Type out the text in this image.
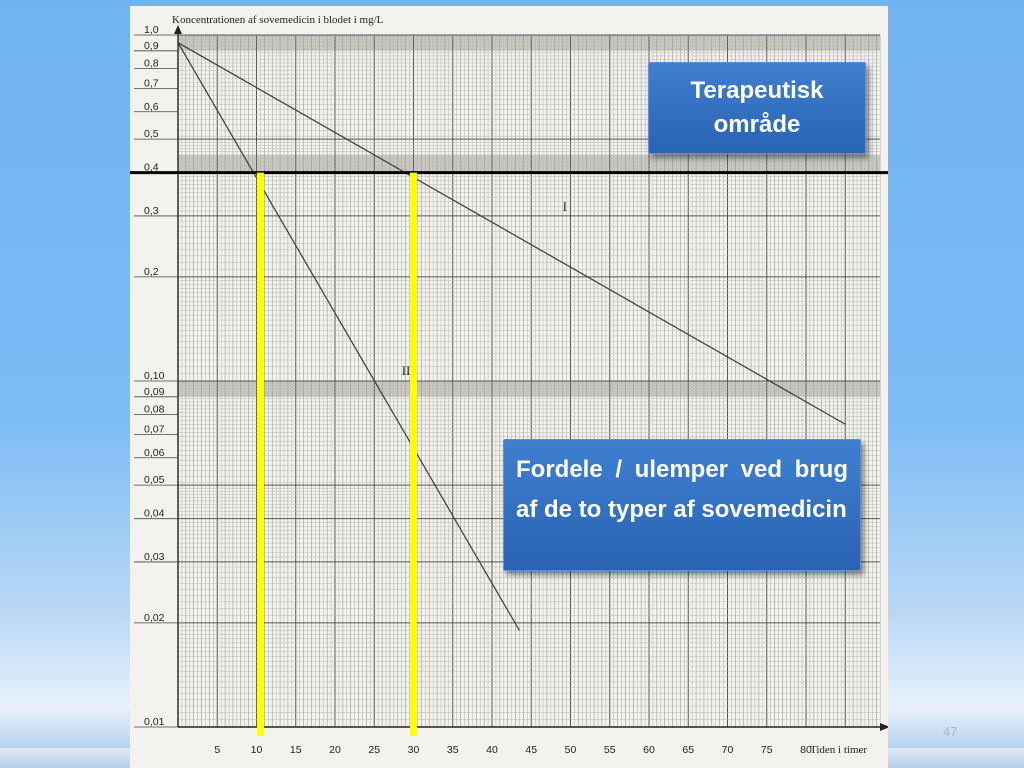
5	10	15	20	25	30	35	40	45	50	55	60	65	70	75	80
1,0
0,9
0,8
0,7
0,6
0,5
0,4
0,3
0,2
0,10
0,09
0,08
0,07
0,06
0,05
0,04
0,03
0,02
0,01
I
II
Koncentrationen af sovemedicin i blodet i mg/L
Tiden i timer
Terapeutisk
område
Fordele / ulemper ved brug af de to typer af sovemedicin
47
